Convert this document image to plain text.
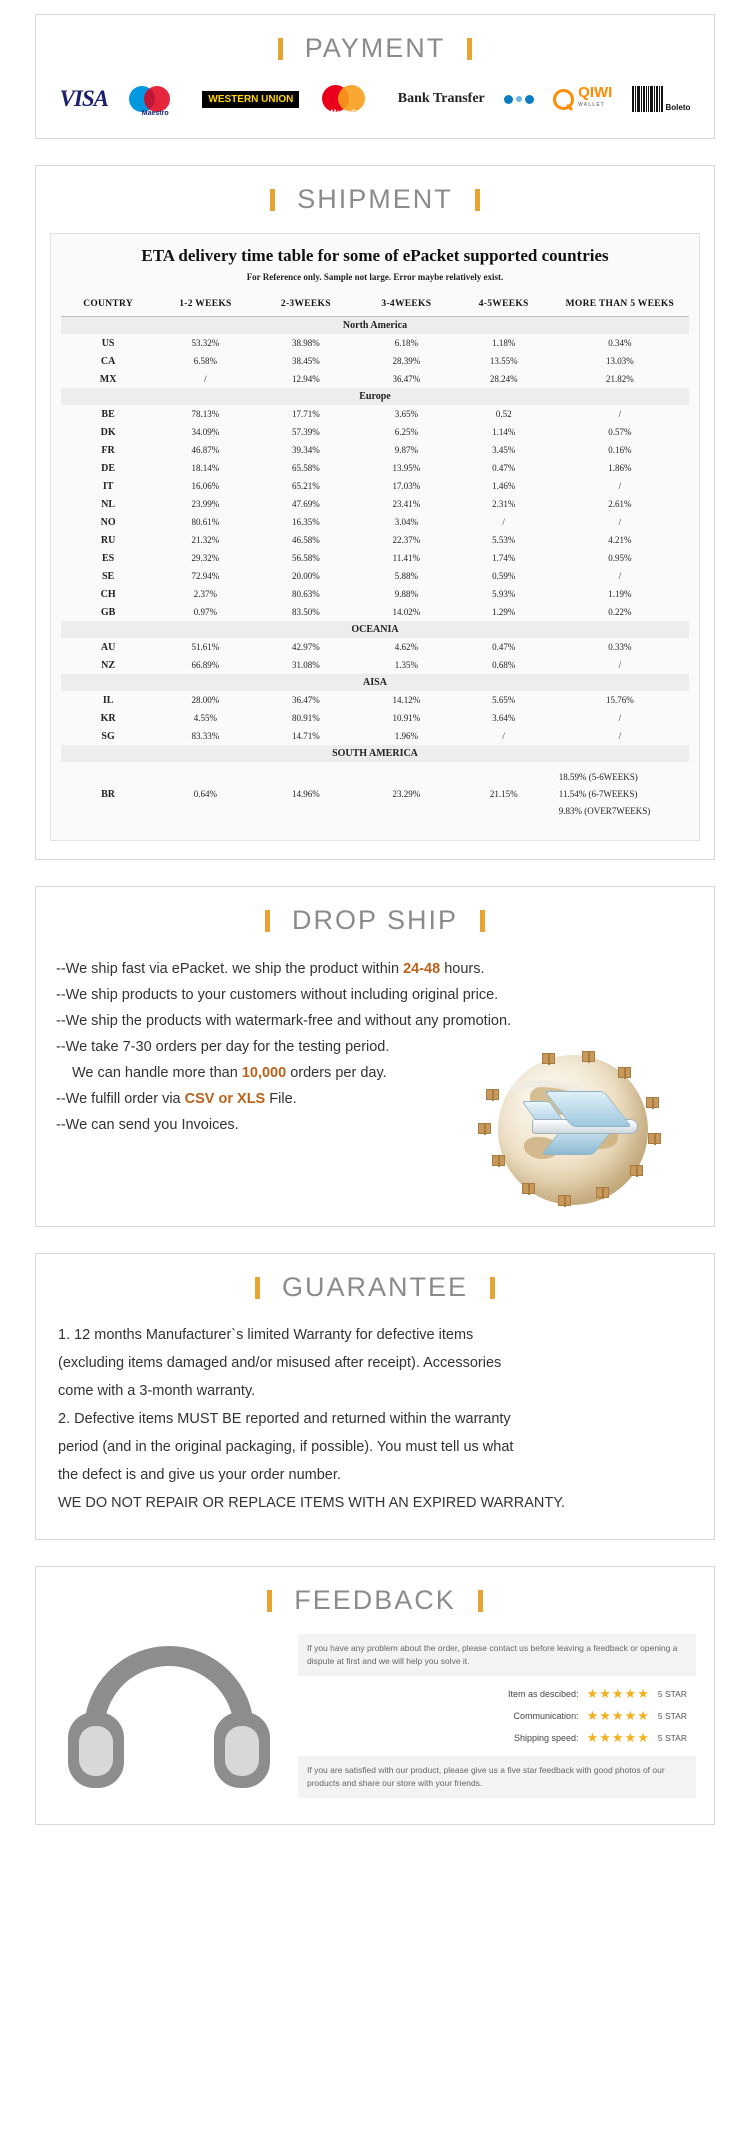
PAYMENT
VISA
Maestro
WESTERN UNION
MasterCard
Bank Transfer	QIWI
WALLET	Boleto
SHIPMENT
ETA delivery time table for some of ePacket supported countries
For Reference only. Sample not large. Error maybe relatively exist.
COUNTRY	1-2 WEEKS	2-3WEEKS	3-4WEEKS	4-5WEEKS	MORE THAN 5 WEEKS
North America					
US	53.32%	38.98%	6.18%	1.18%	0.34%
CA	6.58%	38.45%	28.39%	13.55%	13.03%
MX	/	12.94%	36.47%	28.24%	21.82%
Europe					
BE	78.13%	17.71%	3.65%	0.52	/
DK	34.09%	57.39%	6.25%	1.14%	0.57%
FR	46.87%	39.34%	9.87%	3.45%	0.16%
DE	18.14%	65.58%	13.95%	0.47%	1.86%
IT	16.06%	65.21%	17.03%	1.46%	/
NL	23.99%	47.69%	23.41%	2.31%	2.61%
NO	80.61%	16.35%	3.04%	/	/
RU	21.32%	46.58%	22.37%	5.53%	4.21%
ES	29.32%	56.58%	11.41%	1.74%	0.95%
SE	72.94%	20.00%	5.88%	0.59%	/
CH	2.37%	80.63%	9.88%	5.93%	1.19%
GB	0.97%	83.50%	14.02%	1.29%	0.22%
OCEANIA					
AU	51.61%	42.97%	4.62%	0.47%	0.33%
NZ	66.89%	31.08%	1.35%	0.68%	/
AISA					
IL	28.00%	36.47%	14.12%	5.65%	15.76%
KR	4.55%	80.91%	10.91%	3.64%	/
SG	83.33%	14.71%	1.96%	/	/
SOUTH AMERICA					
BR	0.64%	14.96%	23.29%	21.15%	18.59% (5-6WEEKS)
11.54% (6-7WEEKS)
9.83% (OVER7WEEKS)
DROP SHIP
--We ship fast via ePacket. we ship the product within 24-48 hours.
--We ship products to your customers without including original price.
--We ship the products with watermark-free and without any promotion.
--We take 7-30 orders per day for the testing period.
We can handle more than 10,000 orders per day.
--We fulfill order via CSV or XLS File.
--We can send you Invoices.
GUARANTEE
1. 12 months Manufacturer`s limited Warranty for defective items
(excluding items damaged and/or misused after receipt). Accessories
come with a 3-month warranty.
2. Defective items MUST BE reported and returned within the warranty
period (and in the original packaging, if possible). You must tell us what
the defect is and give us your order number.
WE DO NOT REPAIR OR REPLACE ITEMS WITH AN EXPIRED WARRANTY.
FEEDBACK
If you have any problem about the order, please contact us before leaving a feedback or opening a dispute at first and we will help you solve it.
Item as descibed: ★★★★★ 5 STAR
Communication: ★★★★★ 5 STAR
Shipping speed: ★★★★★ 5 STAR
If you are satisfied with our product, please give us a five star feedback with good photos of our products and share our store with your friends.
